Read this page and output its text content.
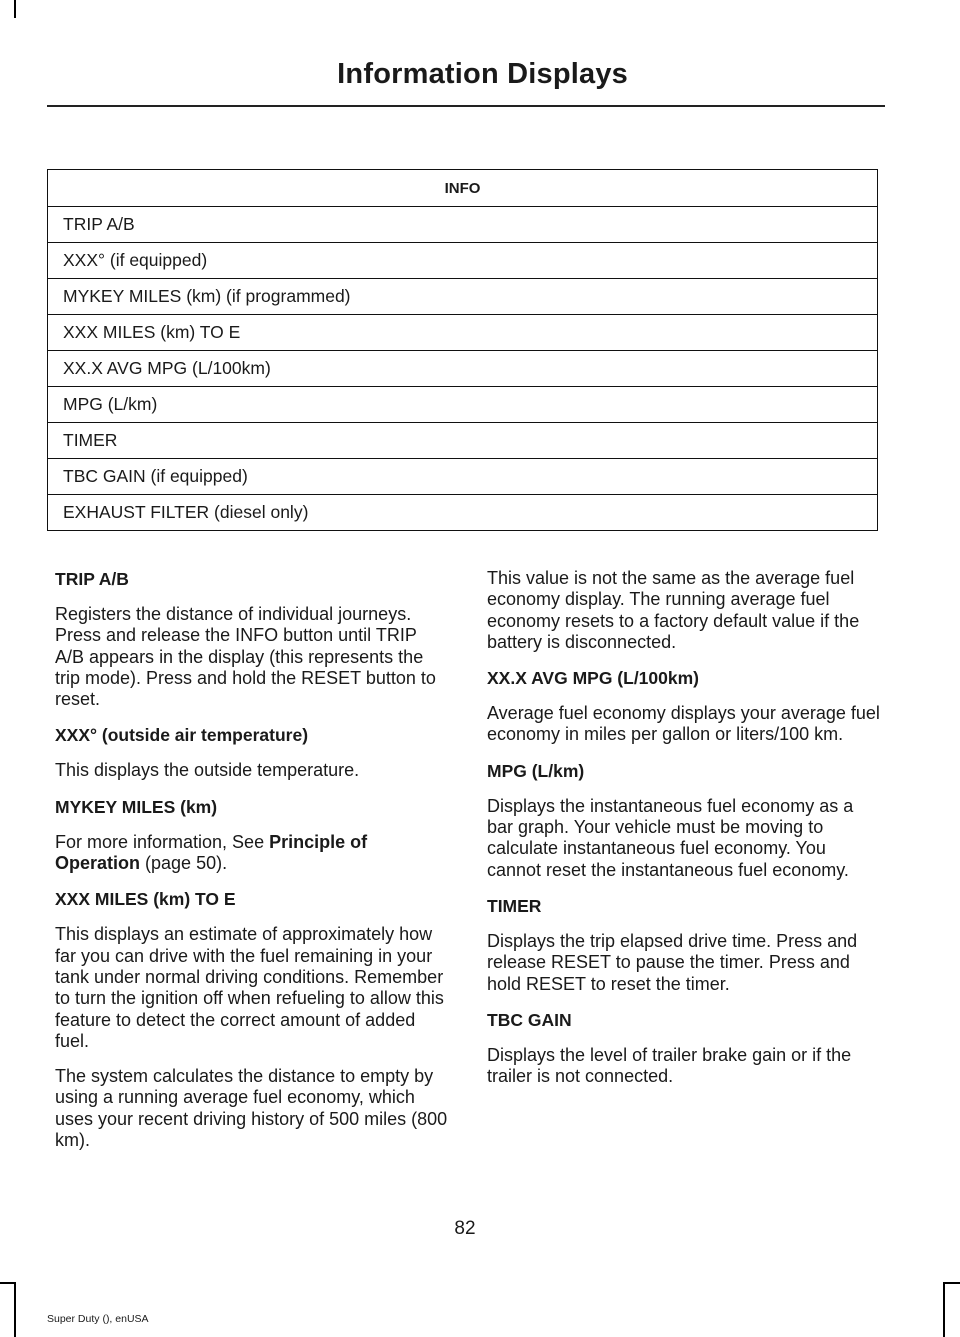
Information Displays
INFO
TRIP A/B
XXX° (if equipped)
MYKEY MILES (km) (if programmed)
XXX MILES (km) TO E
XX.X AVG MPG (L/100km)
MPG (L/km)
TIMER
TBC GAIN (if equipped)
EXHAUST FILTER (diesel only)
TRIP A/B

Registers the distance of individual journeys. Press and release the INFO button until TRIP A/B appears in the display (this represents the trip mode). Press and hold the RESET button to reset.

XXX° (outside air temperature)

This displays the outside temperature.

MYKEY MILES (km)

For more information, See Principle of Operation (page 50).

XXX MILES (km) TO E

This displays an estimate of approximately how far you can drive with the fuel remaining in your tank under normal driving conditions. Remember to turn the ignition off when refueling to allow this feature to detect the correct amount of added fuel.

The system calculates the distance to empty by using a running average fuel economy, which uses your recent driving history of 500 miles (800 km).

This value is not the same as the average fuel economy display. The running average fuel economy resets to a factory default value if the battery is disconnected.

XX.X AVG MPG (L/100km)

Average fuel economy displays your average fuel economy in miles per gallon or liters/100 km.

MPG (L/km)

Displays the instantaneous fuel economy as a bar graph. Your vehicle must be moving to calculate instantaneous fuel economy. You cannot reset the instantaneous fuel economy.

TIMER

Displays the trip elapsed drive time. Press and release RESET to pause the timer. Press and hold RESET to reset the timer.

TBC GAIN

Displays the level of trailer brake gain or if the trailer is not connected.

82
Super Duty (), enUSA
